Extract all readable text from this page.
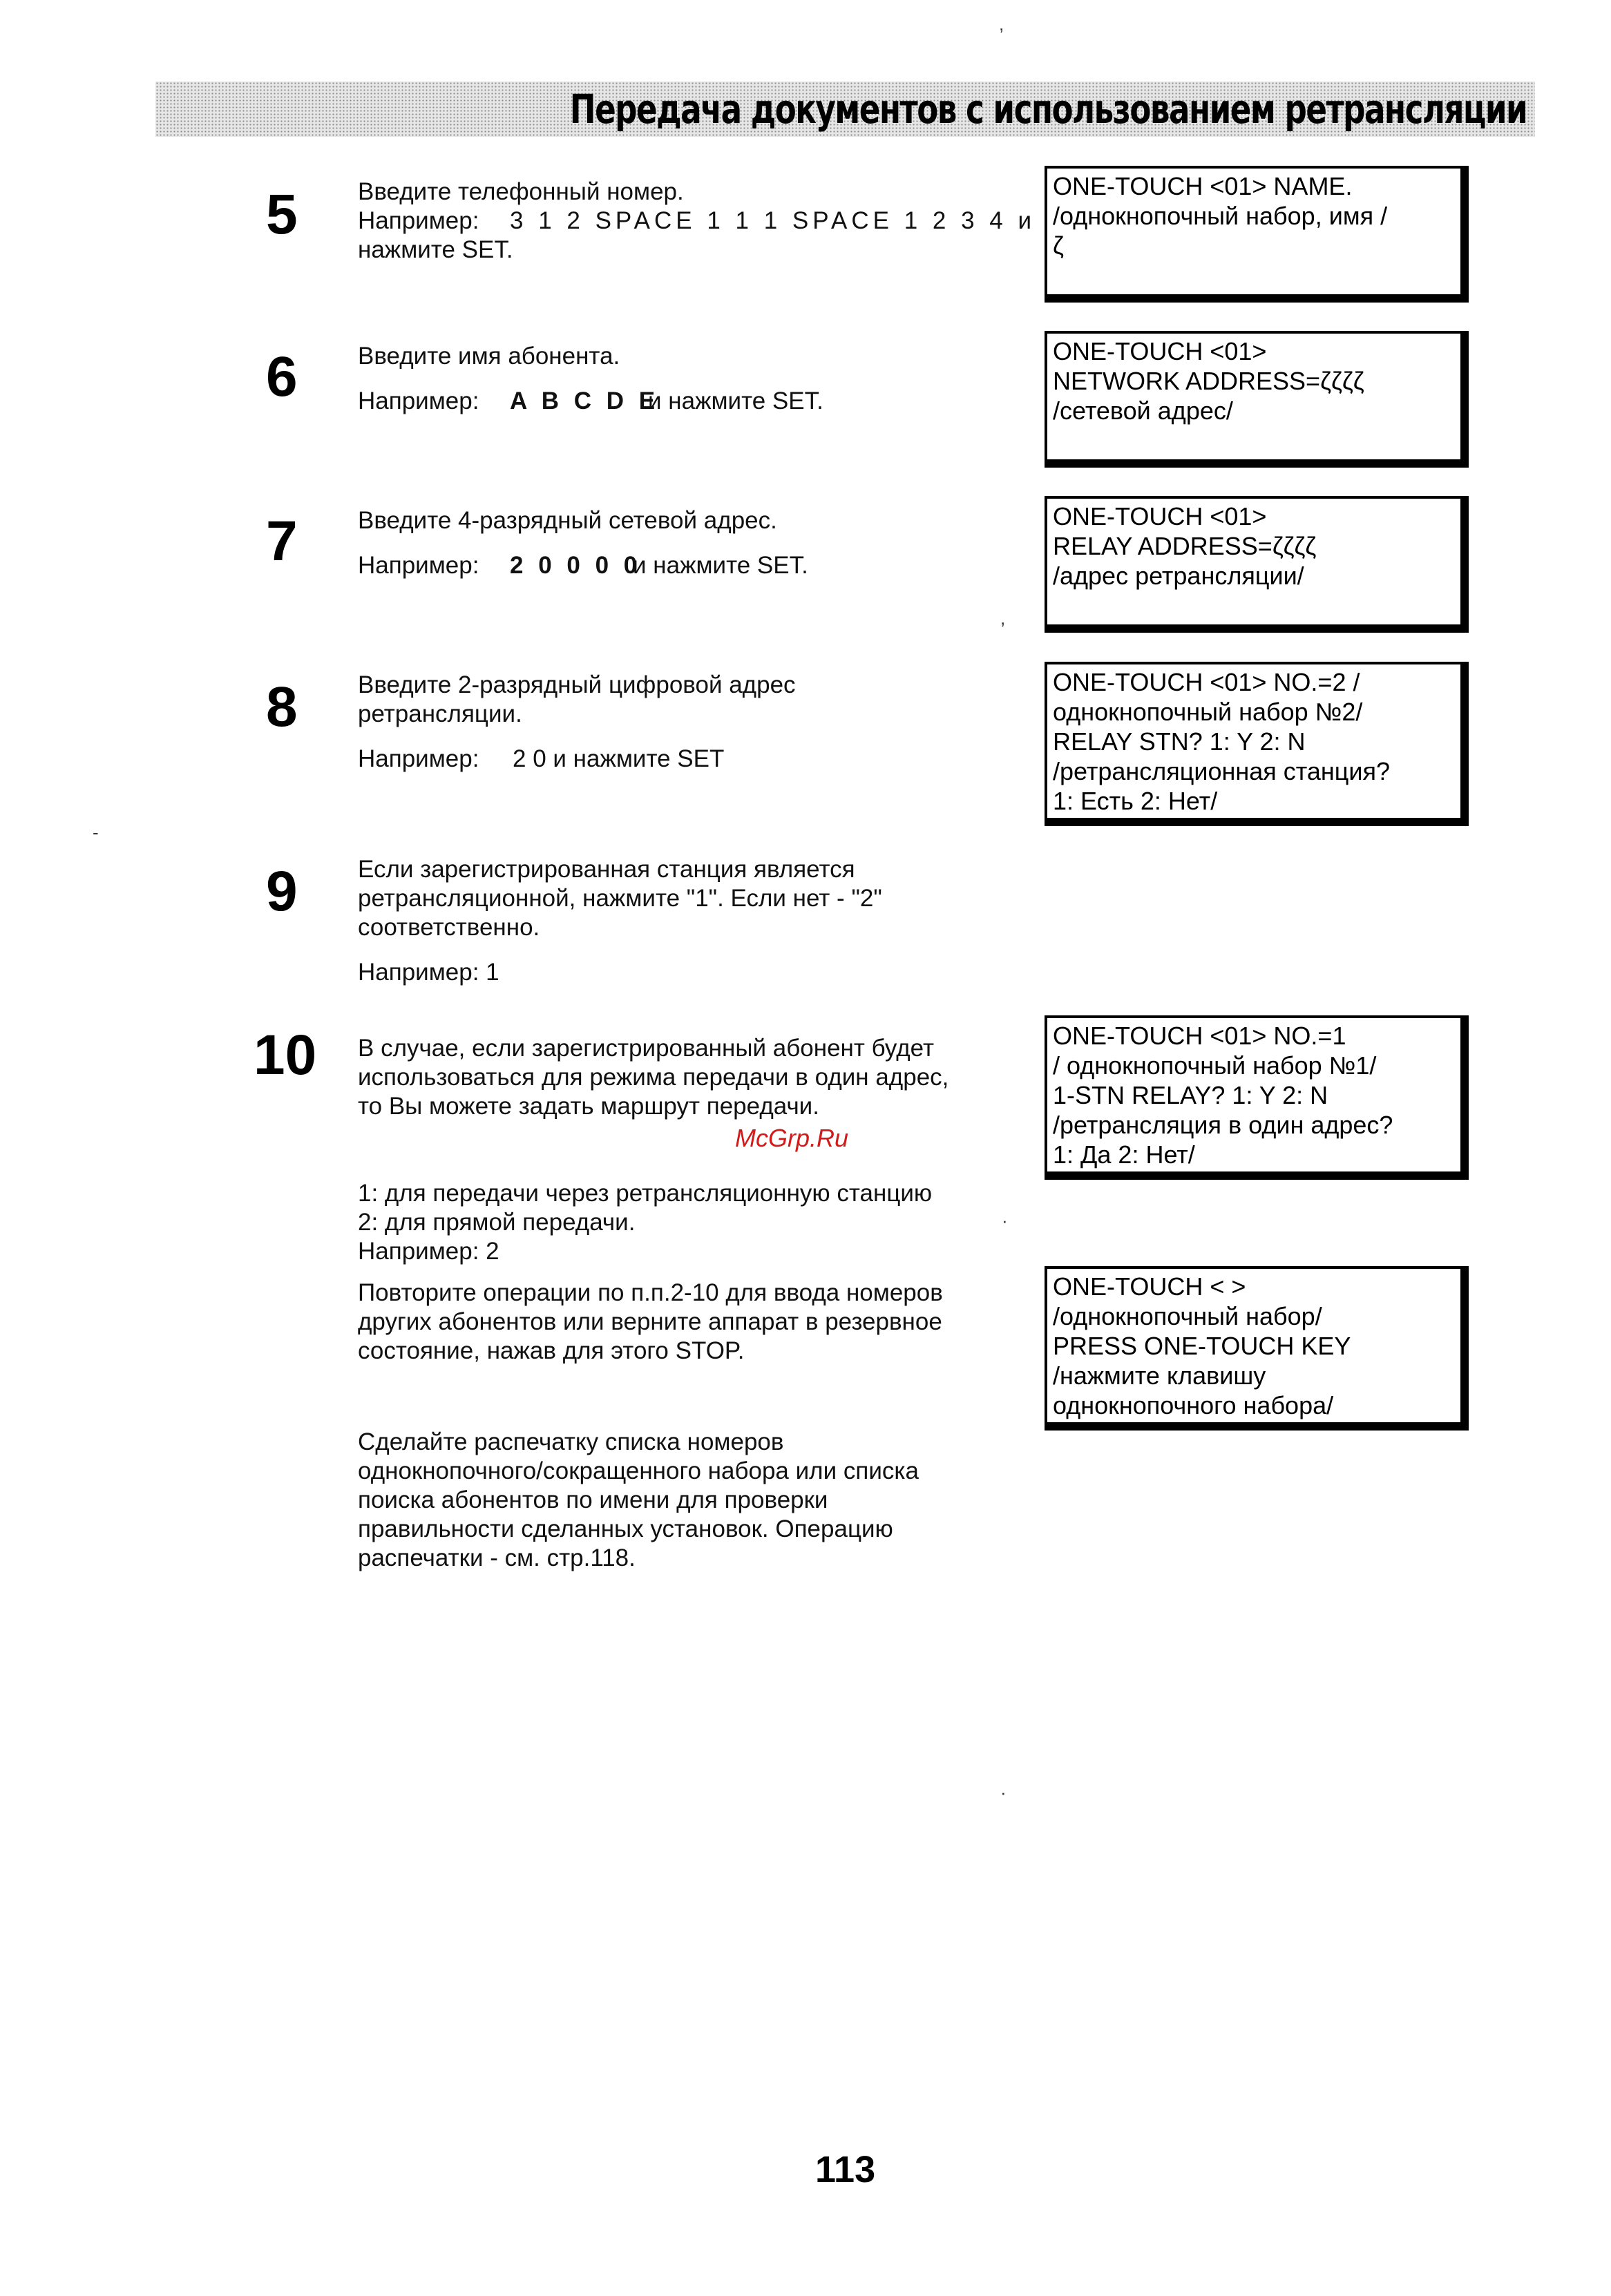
Передача документов с использованием ретрансляции
5 Введите телефонный номер.
Например: 3 1 2 SPACE 1 1 1 SPACE 1 2 3 4 и
нажмите SET.
6 Введите имя абонента.
Например: A B C D E
и нажмите SET.
7 Введите 4-разрядный сетевой адрес.
Например: 2 0 0 0 0
и нажмите SET.
8 Введите 2-разрядный цифровой адрес
ретрансляции.
Например: 2 0 и нажмите SET
9 Если зарегистрированная станция является
ретрансляционной, нажмите "1". Если нет - "2"
соответственно.
Например: 1
10 В случае, если зарегистрированный абонент будет
использоваться для режима передачи в один адрес,
то Вы можете задать маршрут передачи.
1: для передачи через ретрансляционную станцию
2: для прямой передачи.
Например: 2
Повторите операции по п.п.2-10 для ввода номеров
других абонентов или верните аппарат в резервное
состояние, нажав для этого STOP.
Сделайте распечатку списка номеров
однокнопочного/сокращенного набора или списка
поиска абонентов по имени для проверки
правильности сделанных установок. Операцию
распечатки - см. стр.118.
ONE-TOUCH <01> NAME.
/однокнопочный набор, имя /
ζ
ONE-TOUCH <01>
NETWORK ADDRESS=ζζζζ
/сетевой адрес/
ONE-TOUCH <01>
RELAY ADDRESS=ζζζζ
/адрес ретрансляции/
ONE-TOUCH <01> NO.=2 /
однокнопочный набор №2/
RELAY STN? 1: Y 2: N
/ретрансляционная станция?
1: Есть 2: Нет/
ONE-TOUCH <01> NO.=1
/ однокнопочный набор №1/
1-STN RELAY? 1: Y 2: N
/ретрансляция в один адрес?
1: Да 2: Нет/
ONE-TOUCH < >
/однокнопочный набор/
PRESS ONE-TOUCH KEY
/нажмите клавишу
однокнопочного набора/
McGrp.Ru
,
,
·
·
-
113
